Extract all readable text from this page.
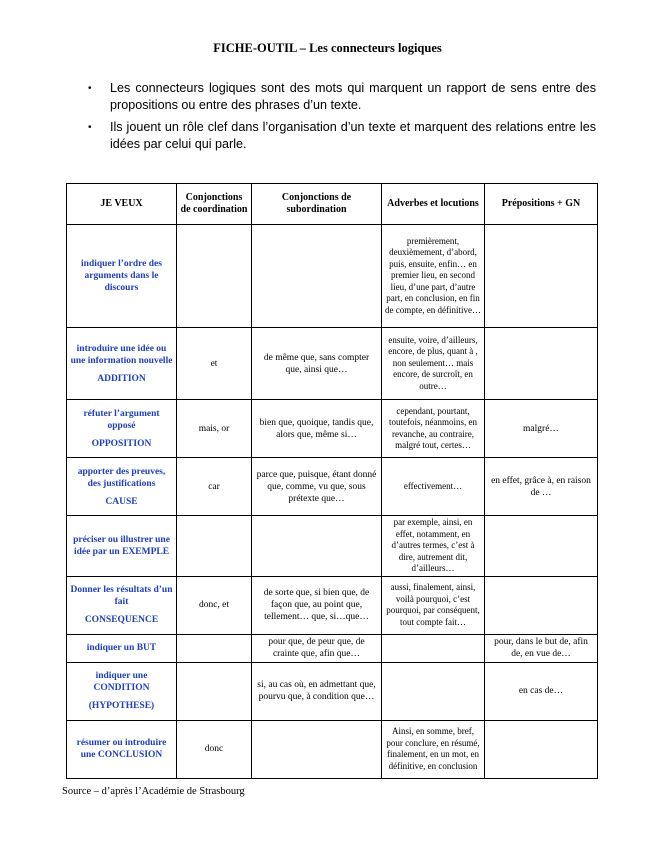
FICHE-OUTIL – Les connecteurs logiques
• Les connecteurs logiques sont des mots qui marquent un rapport de sens entre des propositions ou entre des phrases d’un texte.
• Ils jouent un rôle clef dans l’organisation d’un texte et marquent des relations entre les idées par celui qui parle.
JE VEUX	Conjonctions de coordination	Conjonctions de subordination	Adverbes et locutions	Prépositions + GN
indiquer l’ordre des arguments dans le discours			premièrement, deuxièmement, d’abord, puis, ensuite, enfin… en premier lieu, en second lieu, d’une part, d’autre part, en conclusion, en fin de compte, en définitive…	
introduire une idée ou une information nouvelle
ADDITION	et	de même que, sans compter que, ainsi que…	ensuite, voire, d’ailleurs, encore, de plus, quant à , non seulement… mais encore, de surcroît, en outre…	
réfuter l’argument opposé
OPPOSITION	mais, or	bien que, quoique, tandis que, alors que, même si…	cependant, pourtant, toutefois, néanmoins, en revanche, au contraire, malgré tout, certes…	malgré…
apporter des preuves, des justifications
CAUSE	car	parce que, puisque, étant donné que, comme, vu que, sous prétexte que…	effectivement…	en effet, grâce à, en raison de …
préciser ou illustrer une idée par un EXEMPLE			par exemple, ainsi, en effet, notamment, en d’autres termes, c’est à dire, autrement dit, d’ailleurs…	
Donner les résultats d’un fait
CONSEQUENCE	donc, et	de sorte que, si bien que, de façon que, au point que, tellement… que, si…que…	aussi, finalement, ainsi, voilà pourquoi, c’est pourquoi, par conséquent, tout compte fait…	
indiquer un BUT		pour que, de peur que, de crainte que, afin que…		pour, dans le but de, afin de, en vue de…
indiquer une CONDITION
(HYPOTHESE)		si, au cas où, en admettant que, pourvu que, à condition que…		en cas de…
résumer ou introduire une CONCLUSION	donc		Ainsi, en somme, bref, pour conclure, en résumé, finalement, en un mot, en définitive, en conclusion	
Source – d’après l’Académie de Strasbourg
